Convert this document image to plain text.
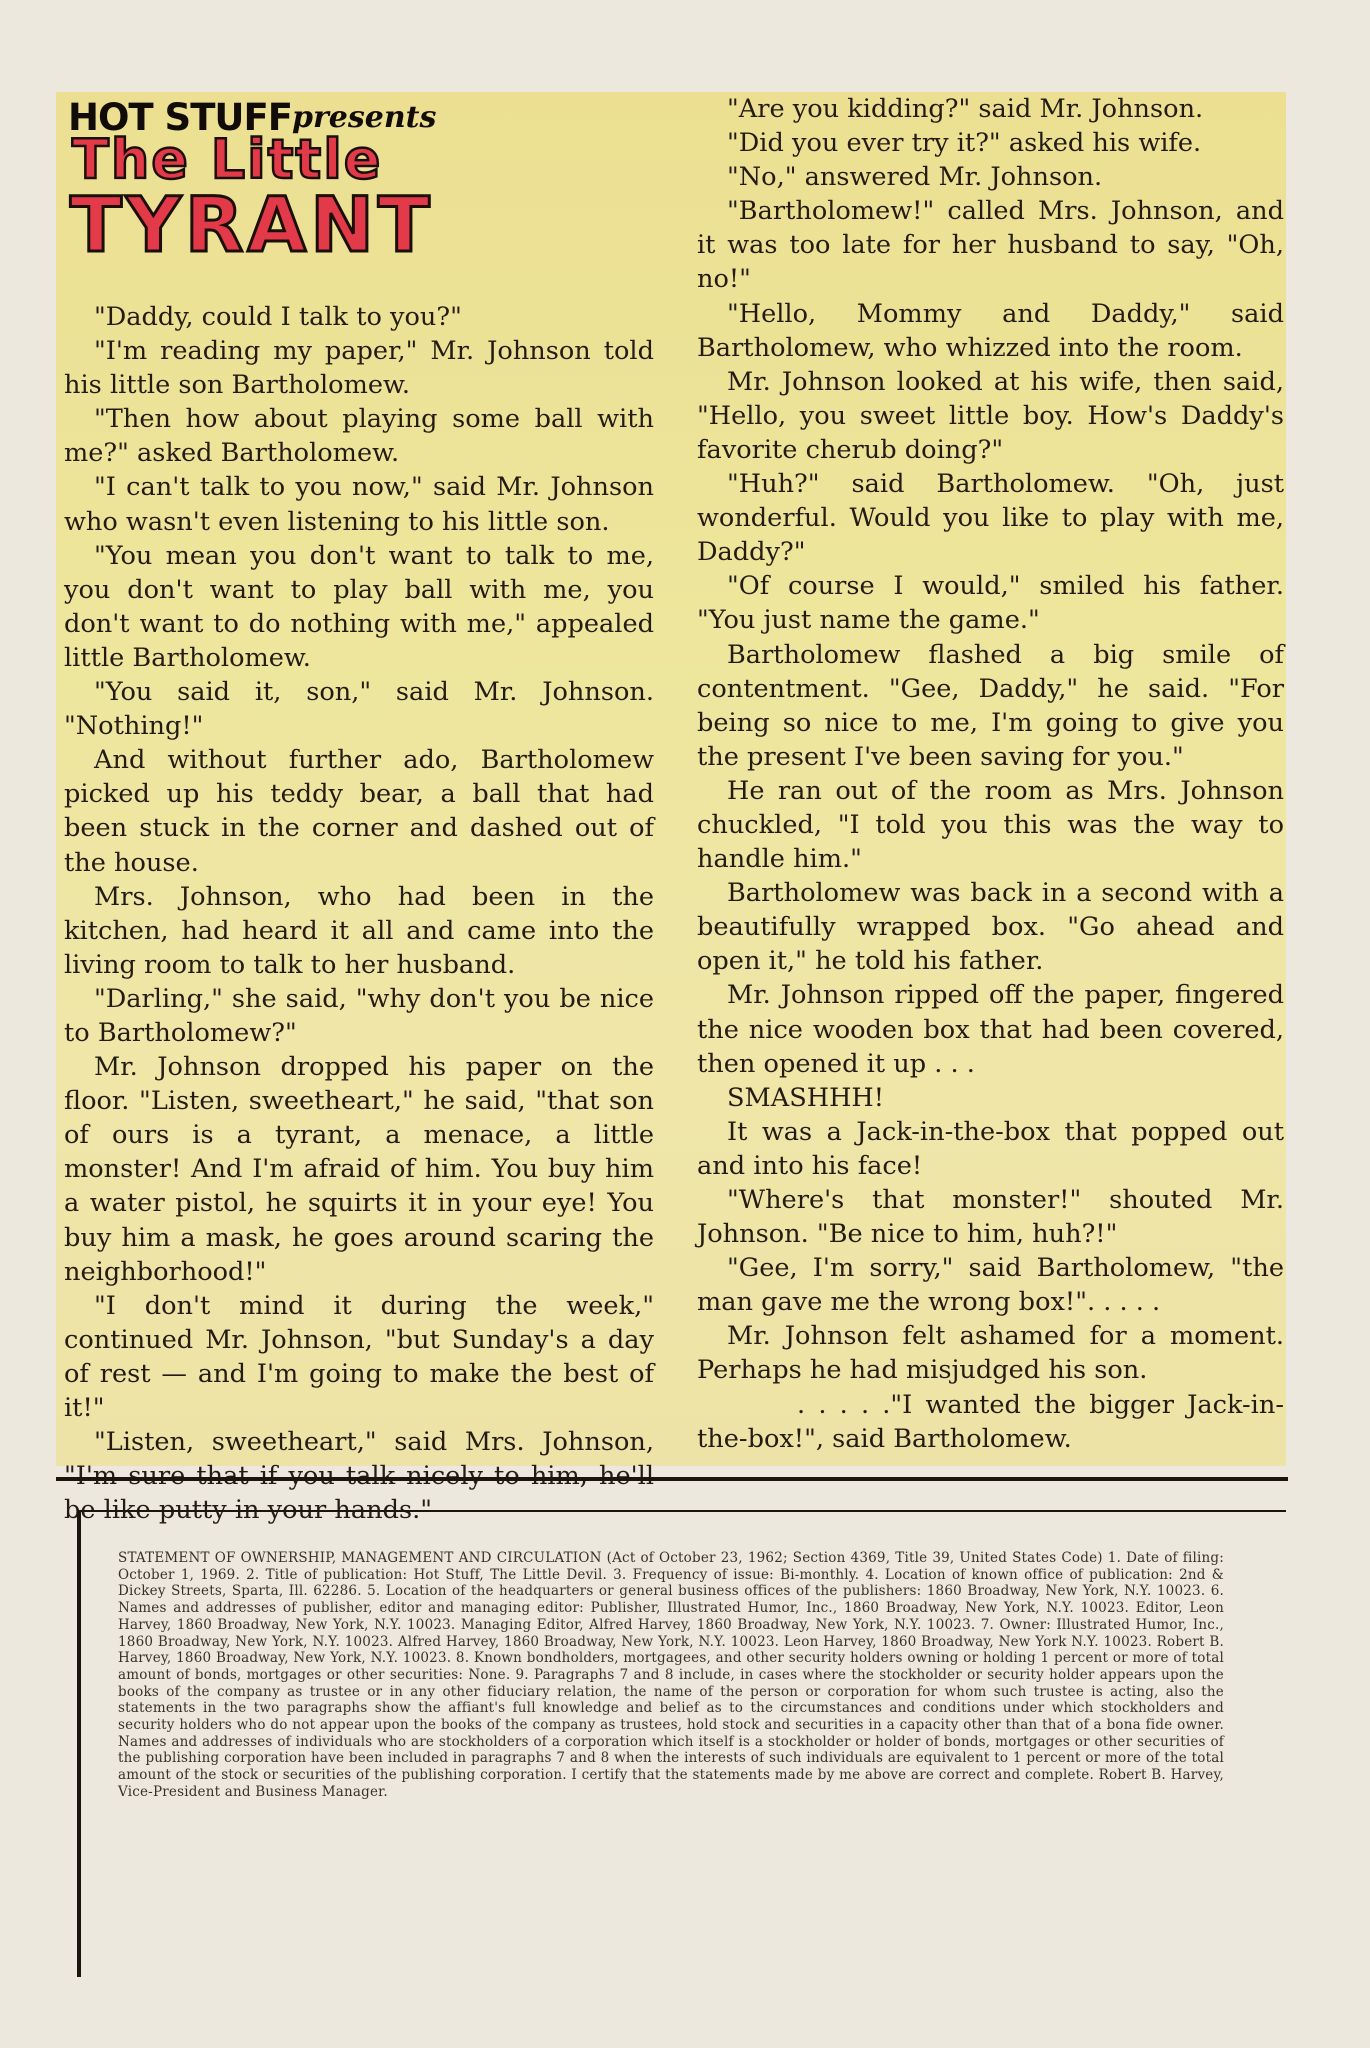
HOT STUFF presents
The Little
TYRANT

"Daddy, could I talk to you?"

"I'm reading my paper," Mr. Johnson told his little son Bartholomew.

"Then how about playing some ball with me?" asked Bartholomew.

"I can't talk to you now," said Mr. Johnson who wasn't even listening to his little son.

"You mean you don't want to talk to me, you don't want to play ball with me, you don't want to do nothing with me," appealed little Bartholomew.

"You said it, son," said Mr. Johnson. "Nothing!"

And without further ado, Bartholomew picked up his teddy bear, a ball that had been stuck in the corner and dashed out of the house.

Mrs. Johnson, who had been in the kitchen, had heard it all and came into the living room to talk to her husband.

"Darling," she said, "why don't you be nice to Bartholomew?"

Mr. Johnson dropped his paper on the floor. "Listen, sweetheart," he said, "that son of ours is a tyrant, a menace, a little monster! And I'm afraid of him. You buy him a water pistol, he squirts it in your eye! You buy him a mask, he goes around scaring the neighborhood!"

"I don't mind it during the week," continued Mr. Johnson, "but Sunday's a day of rest — and I'm going to make the best of it!"

"Listen, sweetheart," said Mrs. Johnson, be like putty in your hands."

"Are you kidding?" said Mr. Johnson.

"Did you ever try it?" asked his wife.

"No," answered Mr. Johnson.

"Bartholomew!" called Mrs. Johnson, and it was too late for her husband to say, "Oh, no!"

"Hello, Mommy and Daddy," said Bartholomew, who whizzed into the room.

Mr. Johnson looked at his wife, then said, "Hello, you sweet little boy. How's Daddy's favorite cherub doing?"

"Huh?" said Bartholomew. "Oh, just wonderful. Would you like to play with me, Daddy?"

"Of course I would," smiled his father. "You just name the game."

Bartholomew flashed a big smile of contentment. "Gee, Daddy," he said. "For being so nice to me, I'm going to give you the present I've been saving for you."

He ran out of the room as Mrs. Johnson chuckled, "I told you this was the way to handle him."

Bartholomew was back in a second with a beautifully wrapped box. "Go ahead and open it," he told his father.

Mr. Johnson ripped off the paper, fingered the nice wooden box that had been covered, then opened it up . . .

SMASHHH!

It was a Jack-in-the-box that popped out and into his face!

"Where's that monster!" shouted Mr. Johnson. "Be nice to him, huh?!"

"Gee, I'm sorry," said Bartholomew, "the man gave me the wrong box!". . . . .

Mr. Johnson felt ashamed for a moment. Perhaps he had misjudged his son.

. . . . ."I wanted the bigger Jack-in-the-box!", said Bartholomew.

STATEMENT OF OWNERSHIP, MANAGEMENT AND CIRCULATION (Act of October 23, 1962; Section 4369, Title 39, United States Code) 1. Date of filing: October 1, 1969. 2. Title of publication: Hot Stuff, The Little Devil. 3. Frequency of issue: Bi-monthly. 4. Location of known office of publication: 2nd & Dickey Streets, Sparta, Ill. 62286. 5. Location of the headquarters or general business offices of the publishers: 1860 Broadway, New York, N.Y. 10023. 6. Names and addresses of publisher, editor and managing editor: Publisher, Illustrated Humor, Inc., 1860 Broadway, New York, N.Y. 10023. Editor, Leon Harvey, 1860 Broadway, New York, N.Y. 10023. Managing Editor, Alfred Harvey, 1860 Broadway, New York, N.Y. 10023. 7. Owner: Illustrated Humor, Inc., 1860 Broadway, New York, N.Y. 10023. Alfred Harvey, 1860 Broadway, New York, N.Y. 10023. Leon Harvey, 1860 Broadway, New York N.Y. 10023. Robert B. Harvey, 1860 Broadway, New York, N.Y. 10023. 8. Known bondholders, mortgagees, and other security holders owning or holding 1 percent or more of total amount of bonds, mortgages or other securities: None. 9. Paragraphs 7 and 8 include, in cases where the stockholder or security holder appears upon the books of the company as trustee or in any other fiduciary relation, the name of the person or corporation for whom such trustee is acting, also the statements in the two paragraphs show the affiant's full knowledge and belief as to the circumstances and conditions under which stockholders and security holders who do not appear upon the books of the company as trustees, hold stock and securities in a capacity other than that of a bona fide owner. Names and addresses of individuals who are stockholders of a corporation which itself is a stockholder or holder of bonds, mortgages or other securities of the publishing corporation have been included in paragraphs 7 and 8 when the interests of such individuals are equivalent to 1 percent or more of the total amount of the stock or securities of the publishing corporation. I certify that the statements made by me above are correct and complete. Robert B. Harvey, Vice-President and Business Manager.
